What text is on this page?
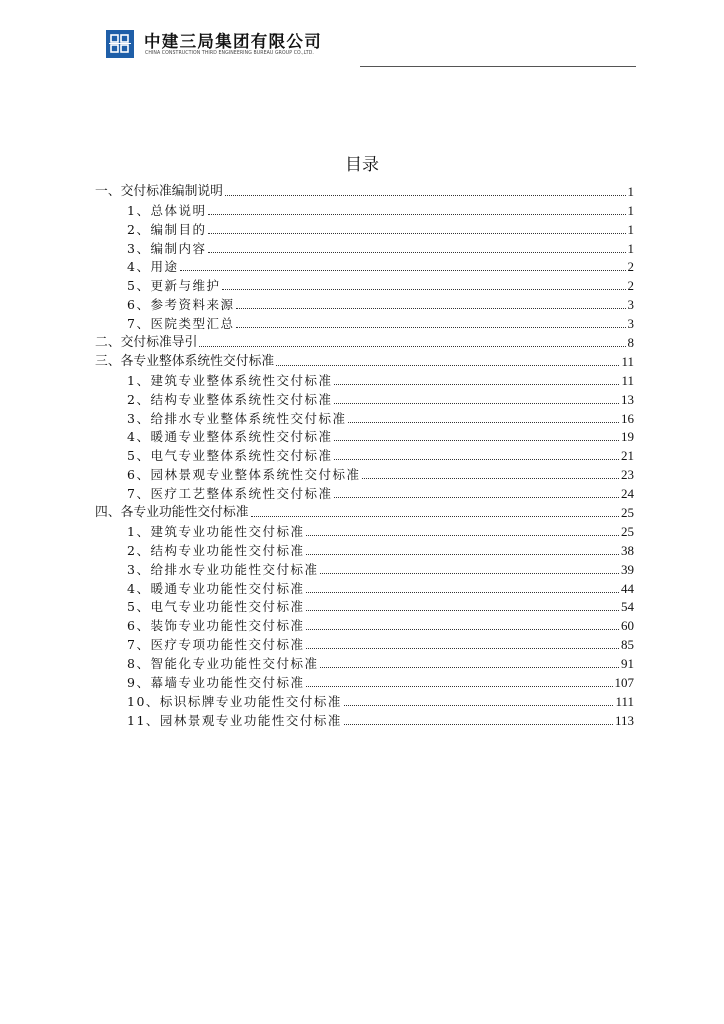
中建三局集团有限公司
CHINA CONSTRUCTION THIRD ENGINEERING BUREAU GROUP CO.,LTD.
目录
一、交付标准编制说明	1
1、总体说明	1
2、编制目的	1
3、编制内容	1
4、用途	2
5、更新与维护	2
6、参考资料来源	3
7、医院类型汇总	3
二、交付标准导引	8
三、各专业整体系统性交付标准	11
1、建筑专业整体系统性交付标准	11
2、结构专业整体系统性交付标准	13
3、给排水专业整体系统性交付标准	16
4、暖通专业整体系统性交付标准	19
5、电气专业整体系统性交付标准	21
6、园林景观专业整体系统性交付标准	23
7、医疗工艺整体系统性交付标准	24
四、各专业功能性交付标准	25
1、建筑专业功能性交付标准	25
2、结构专业功能性交付标准	38
3、给排水专业功能性交付标准	39
4、暖通专业功能性交付标准	44
5、电气专业功能性交付标准	54
6、装饰专业功能性交付标准	60
7、医疗专项功能性交付标准	85
8、智能化专业功能性交付标准	91
9、幕墙专业功能性交付标准	107
10、标识标牌专业功能性交付标准	111
11、园林景观专业功能性交付标准	113
